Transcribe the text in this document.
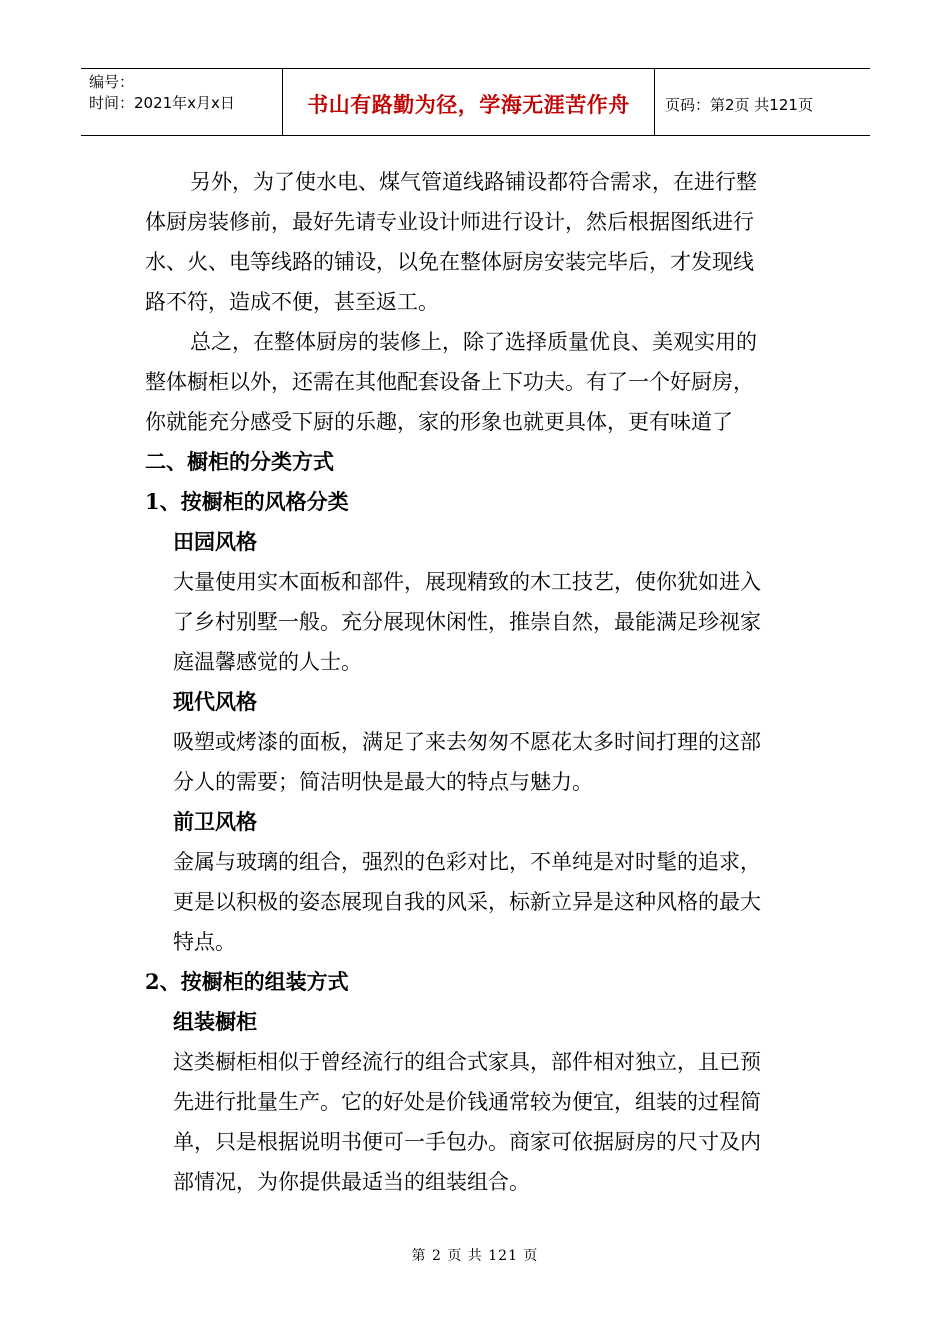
编号：
时间：2021年x月x日	书山有路勤为径，学海无涯苦作舟	页码：第2页 共121页
另外，为了使水电、煤气管道线路铺设都符合需求，在进行整
体厨房装修前，最好先请专业设计师进行设计，然后根据图纸进行
水、火、电等线路的铺设，以免在整体厨房安装完毕后，才发现线
路不符，造成不便，甚至返工。
总之，在整体厨房的装修上，除了选择质量优良、美观实用的
整体橱柜以外，还需在其他配套设备上下功夫。有了一个好厨房，
你就能充分感受下厨的乐趣，家的形象也就更具体，更有味道了
二、橱柜的分类方式
1、按橱柜的风格分类
田园风格
大量使用实木面板和部件，展现精致的木工技艺，使你犹如进入
了乡村别墅一般。充分展现休闲性，推崇自然，最能满足珍视家
庭温馨感觉的人士。
现代风格
吸塑或烤漆的面板，满足了来去匆匆不愿花太多时间打理的这部
分人的需要；简洁明快是最大的特点与魅力。
前卫风格
金属与玻璃的组合，强烈的色彩对比，不单纯是对时髦的追求，
更是以积极的姿态展现自我的风采，标新立异是这种风格的最大
特点。
2、按橱柜的组装方式
组装橱柜
这类橱柜相似于曾经流行的组合式家具，部件相对独立，且已预
先进行批量生产。它的好处是价钱通常较为便宜，组装的过程简
单，只是根据说明书便可一手包办。商家可依据厨房的尺寸及内
部情况，为你提供最适当的组装组合。
第 2 页 共 121 页
